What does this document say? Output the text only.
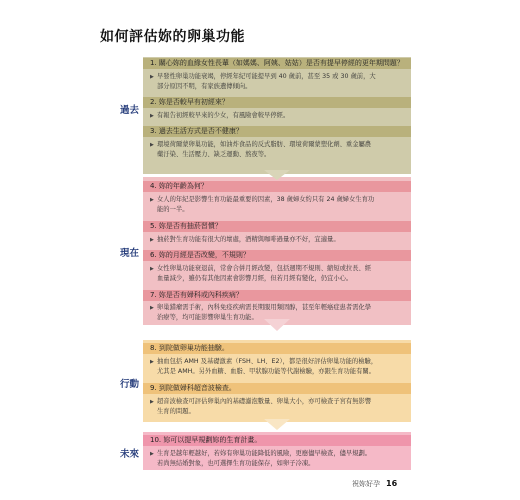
如何評估妳的卵巢功能
過去
現在
行動
未來
1. 關心妳的血緣女性長輩（如媽媽、阿姨、姑姑）是否有提早停經的更年期問題？
▶ 早發性卵巢功能衰竭，停經年紀可能提早到 40 歲前，甚至 35 或 30 歲前，大
部分原因不明，有家族遺傳傾向。
2. 妳是否較早有初經來？
▶ 有報告初經較早來的少女，有風險會較早停經。
3. 過去生活方式是否不健康？
▶ 環境荷爾蒙卵巢功能，如油炸食品的反式脂肪、環境荷爾蒙塑化劑、重金屬農
藥汙染、生活壓力、缺乏運動、熬夜等。
4. 妳的年齡為何？
▶ 女人的年紀是影響生育功能最重要的因素，38 歲婦女約只有 24 歲婦女生育功
能的一半。
5. 妳是否有抽菸習慣？
▶ 抽菸對生育功能有很大的壞處，酒精與咖啡過量亦不好，宜適量。
6. 妳的月經是否改變，不規則？
▶ 女性卵巢功能衰退前，常會合併月經改變，包括週期不規則、縮短或拉長、經
血量減少，雖仍有其他因素會影響月經，但若月經有變化，仍宜小心。
7. 妳是否有婦科或內科疾病？
▶ 卵巢錯瘤需手術，內科免疫疾病需長期服用類固醇，甚至年輕癌症患者需化學
治療等，均可能影響卵巢生育功能。
8. 到院做卵巢功能抽驗。
▶ 抽血包括 AMH 及基礎激素（FSH、LH、E2），都是很好評估卵巢功能的檢驗，
尤其是 AMH。另外血糖、血脂、甲狀腺功能等代謝檢驗，亦跟生育功能有關。
9. 到院做婦科超音波檢查。
▶ 超音波檢查可評估卵巢內的基礎濾泡數量、卵巢大小，亦可檢查子宮有無影響
生育的問題。
10. 妳可以提早規劃妳的生育計畫。
▶ 生育是越年輕越好，若妳有卵巢功能降低的風險，更應儘早檢查，儘早規劃。
若尚無結婚對象，也可選擇生育功能保存，如卵子冷凍。
祝妳好孕 16
